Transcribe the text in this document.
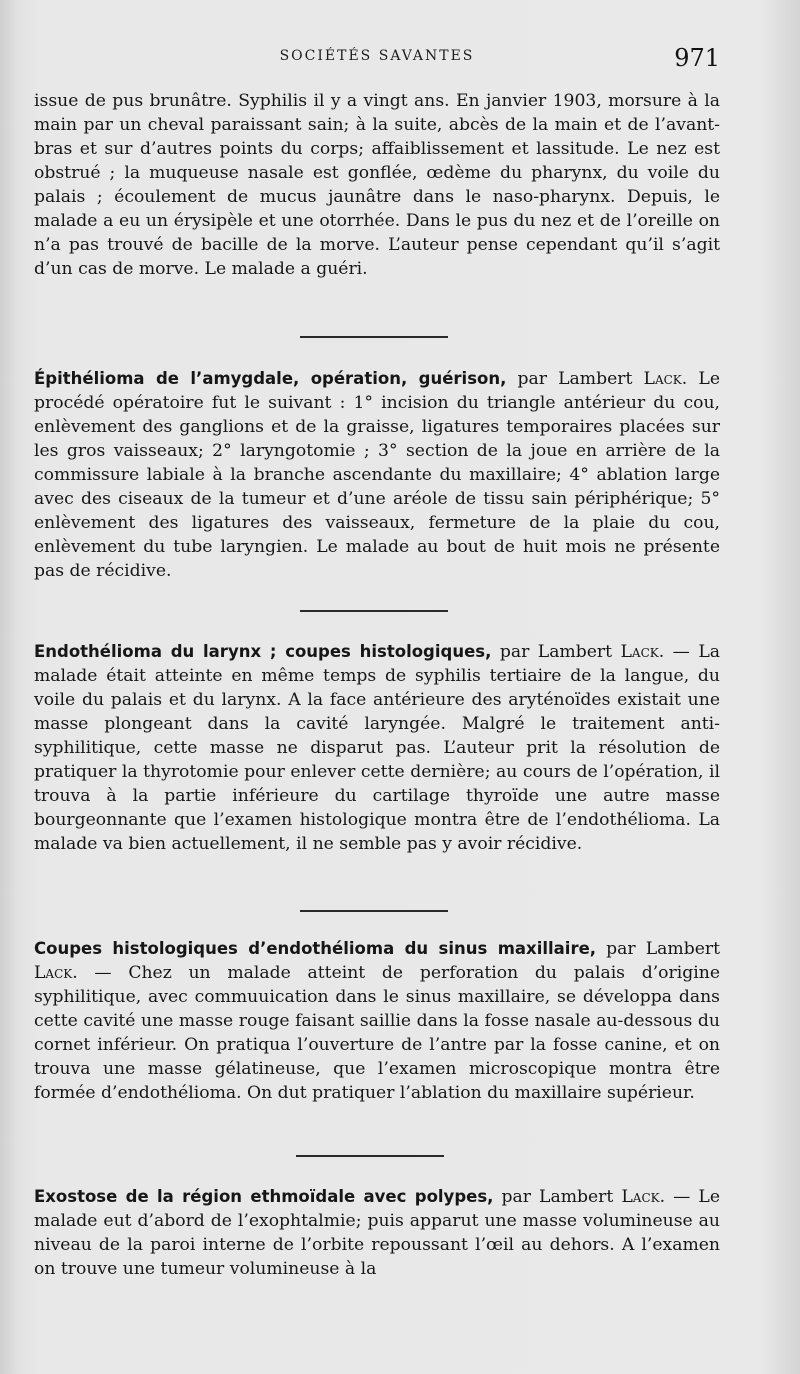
SOCIÉTÉS SAVANTES	971

issue de pus brunâtre. Syphilis il y a vingt ans. En janvier 1903, morsure à la main par un cheval paraissant sain; à la suite, abcès de la main et de l’avant-bras et sur d’autres points du corps; affaiblissement et lassitude. Le nez est obstrué ; la muqueuse nasale est gonflée, œdème du pharynx, du voile du palais ; écoulement de mucus jaunâtre dans le naso-pharynx. Depuis, le malade a eu un érysipèle et une otorrhée. Dans le pus du nez et de l’oreille on n’a pas trouvé de bacille de la morve. L’auteur pense cependant qu’il s’agit d’un cas de morve. Le malade a guéri.

Épithélioma de l’amygdale, opération, guérison, par Lambert Lack. Le procédé opératoire fut le suivant : 1° incision du triangle antérieur du cou, enlèvement des ganglions et de la graisse, ligatures temporaires placées sur les gros vaisseaux; 2° laryngotomie ; 3° section de la joue en arrière de la commissure labiale à la branche ascendante du maxillaire; 4° ablation large avec des ciseaux de la tumeur et d’une aréole de tissu sain périphérique; 5° enlèvement des ligatures des vaisseaux, fermeture de la plaie du cou, enlèvement du tube laryngien. Le malade au bout de huit mois ne présente pas de récidive.

Endothélioma du larynx ; coupes histologiques, par Lambert Lack. — La malade était atteinte en même temps de syphilis tertiaire de la langue, du voile du palais et du larynx. A la face antérieure des aryténoïdes existait une masse plongeant dans la cavité laryngée. Malgré le traitement anti-syphilitique, cette masse ne disparut pas. L’auteur prit la résolution de pratiquer la thyrotomie pour enlever cette dernière; au cours de l’opération, il trouva à la partie inférieure du cartilage thyroïde une autre masse bourgeonnante que l’examen histologique montra être de l’endothélioma. La malade va bien actuellement, il ne semble pas y avoir récidive.

Coupes histologiques d’endothélioma du sinus maxillaire, par Lambert Lack. — Chez un malade atteint de perforation du palais d’origine syphilitique, avec commuuication dans le sinus maxillaire, se développa dans cette cavité une masse rouge faisant saillie dans la fosse nasale au-dessous du cornet inférieur. On pratiqua l’ouverture de l’antre par la fosse canine, et on trouva une masse gélatineuse, que l’examen microscopique montra être formée d’endothélioma. On dut pratiquer l’ablation du maxillaire supérieur.

Exostose de la région ethmoïdale avec polypes, par Lambert Lack. — Le malade eut d’abord de l’exophtalmie; puis apparut une masse volumineuse au niveau de la paroi interne de l’orbite repoussant l’œil au dehors. A l’examen on trouve une tumeur volumineuse à la
